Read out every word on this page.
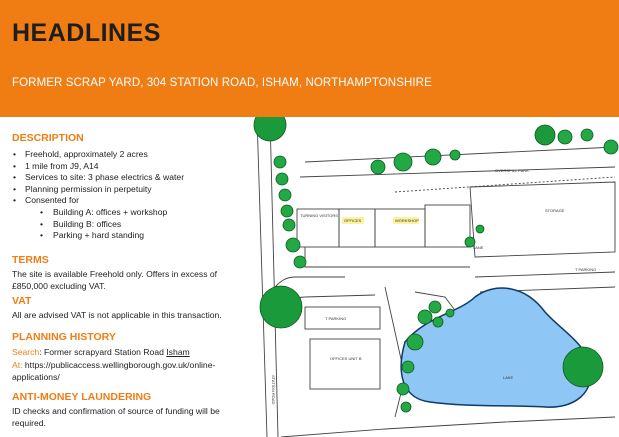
HEADLINES
FORMER SCRAP YARD, 304 STATION ROAD, ISHAM, NORTHAMPTONSHIRE
DESCRIPTION
• Freehold, approximately 2 acres
• 1 mile from J9, A14
• Services to site: 3 phase electrics & water
• Planning permission in perpetuity
• Consented for
• Building A: offices + workshop
• Building B: offices
• Parking + hard standing
TERMS
The site is available Freehold only. Offers in excess of £850,000 excluding VAT.
VAT
All are advised VAT is not applicable in this transaction.
PLANNING HISTORY
Search: Former scrapyard Station Road Isham
At: https://publicaccess.wellingborough.gov.uk/online-applications/
ANTI-MONEY LAUNDERING
ID checks and confirmation of source of funding will be required.
TURNING VISITORS
OFFICES	WORKSHOP
OVERSPILL PARK
STORAGE
T PARKING
LANE
T PARKING
OFFICES UNIT B
LAKE
STATION ROAD
